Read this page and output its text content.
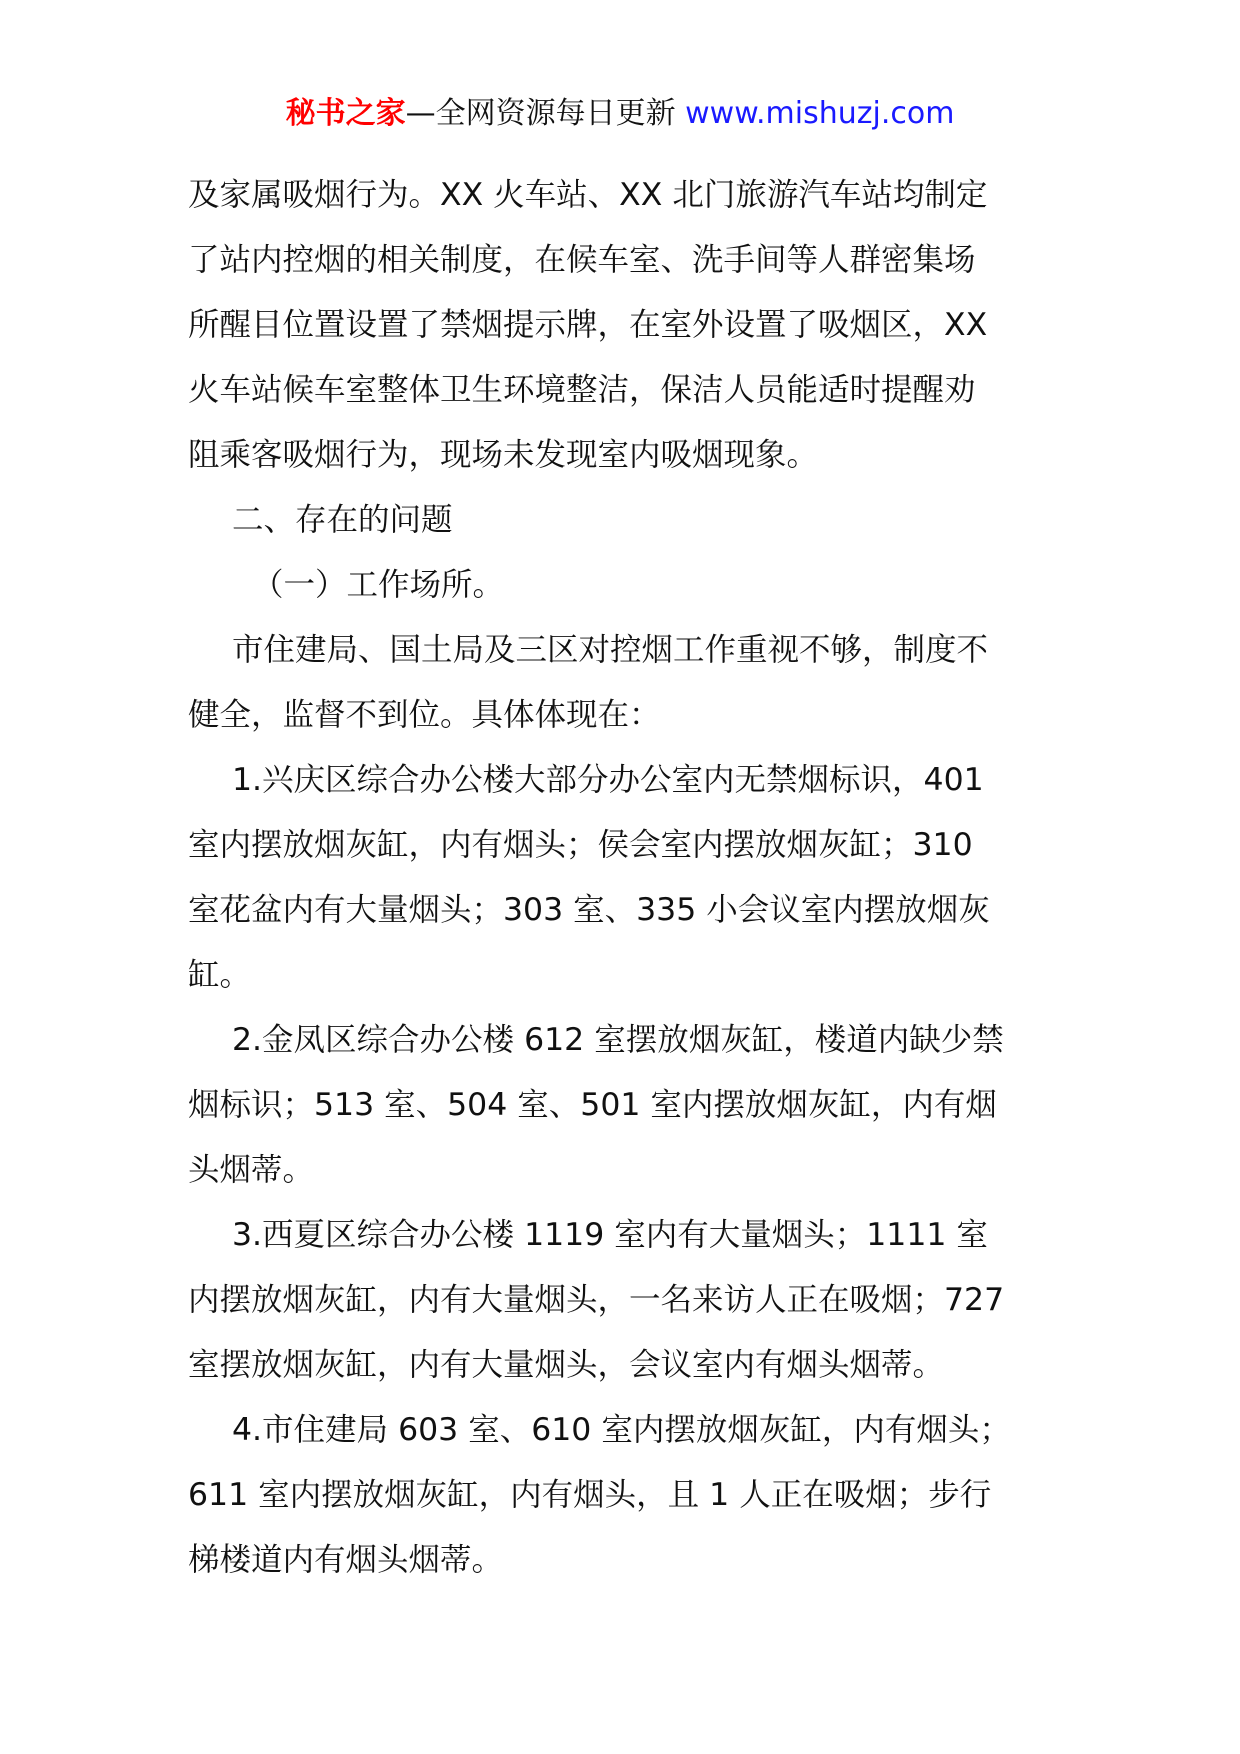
秘书之家—全网资源每日更新 www.mishuzj.com
及家属吸烟行为。XX 火车站、XX 北门旅游汽车站均制定
了站内控烟的相关制度，在候车室、洗手间等人群密集场
所醒目位置设置了禁烟提示牌，在室外设置了吸烟区，XX
火车站候车室整体卫生环境整洁，保洁人员能适时提醒劝
阻乘客吸烟行为，现场未发现室内吸烟现象。
二、存在的问题
（一）工作场所。
市住建局、国土局及三区对控烟工作重视不够，制度不
健全，监督不到位。具体体现在：
1.兴庆区综合办公楼大部分办公室内无禁烟标识，401
室内摆放烟灰缸，内有烟头；侯会室内摆放烟灰缸；310
室花盆内有大量烟头；303 室、335 小会议室内摆放烟灰
缸。
2.金凤区综合办公楼 612 室摆放烟灰缸，楼道内缺少禁
烟标识；513 室、504 室、501 室内摆放烟灰缸，内有烟
头烟蒂。
3.西夏区综合办公楼 1119 室内有大量烟头；1111 室
内摆放烟灰缸，内有大量烟头，一名来访人正在吸烟；727
室摆放烟灰缸，内有大量烟头，会议室内有烟头烟蒂。
4.市住建局 603 室、610 室内摆放烟灰缸，内有烟头；
611 室内摆放烟灰缸，内有烟头，且 1 人正在吸烟；步行
梯楼道内有烟头烟蒂。
